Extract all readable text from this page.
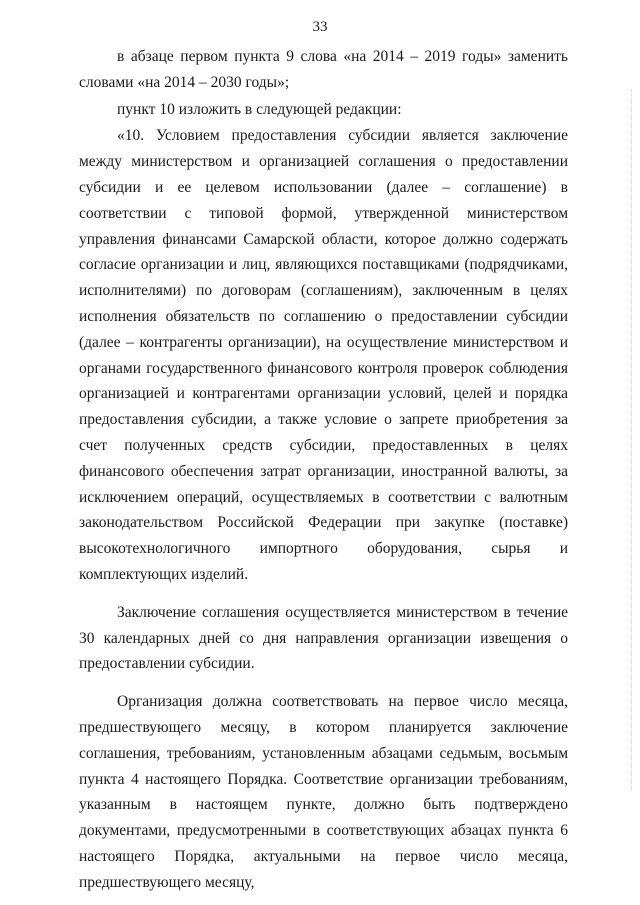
33

в абзаце первом пункта 9 слова «на 2014 – 2019 годы» заменить словами «на 2014 – 2030 годы»;

пункт 10 изложить в следующей редакции:

«10. Условием предоставления субсидии является заключение между министерством и организацией соглашения о предоставлении субсидии и ее целевом использовании (далее – соглашение) в соответствии с типовой формой, утвержденной министерством управления финансами Самарской области, которое должно содержать согласие организации и лиц, являющихся поставщиками (подрядчиками, исполнителями) по договорам (соглашениям), заключенным в целях исполнения обязательств по соглашению о предоставлении субсидии (далее – контрагенты организации), на осуществление министерством и органами государственного финансового контроля проверок соблюдения организацией и контрагентами организации условий, целей и порядка предоставления субсидии, а также условие о запрете приобретения за счет полученных средств субсидии, предоставленных в целях финансового обеспечения затрат организации, иностранной валюты, за исключением операций, осуществляемых в соответствии с валютным законодательством Российской Федерации при закупке (поставке) высокотехнологичного импортного оборудования, сырья и комплектующих изделий.

Заключение соглашения осуществляется министерством в течение 30 календарных дней со дня направления организации извещения о предоставлении субсидии.

Организация должна соответствовать на первое число месяца, предшествующего месяцу, в котором планируется заключение соглашения, требованиям, установленным абзацами седьмым, восьмым пункта 4 настоящего Порядка. Соответствие организации требованиям, указанным в настоящем пункте, должно быть подтверждено документами, предусмотренными в соответствующих абзацах пункта 6 настоящего Порядка, актуальными на первое число месяца, предшествующего месяцу,
